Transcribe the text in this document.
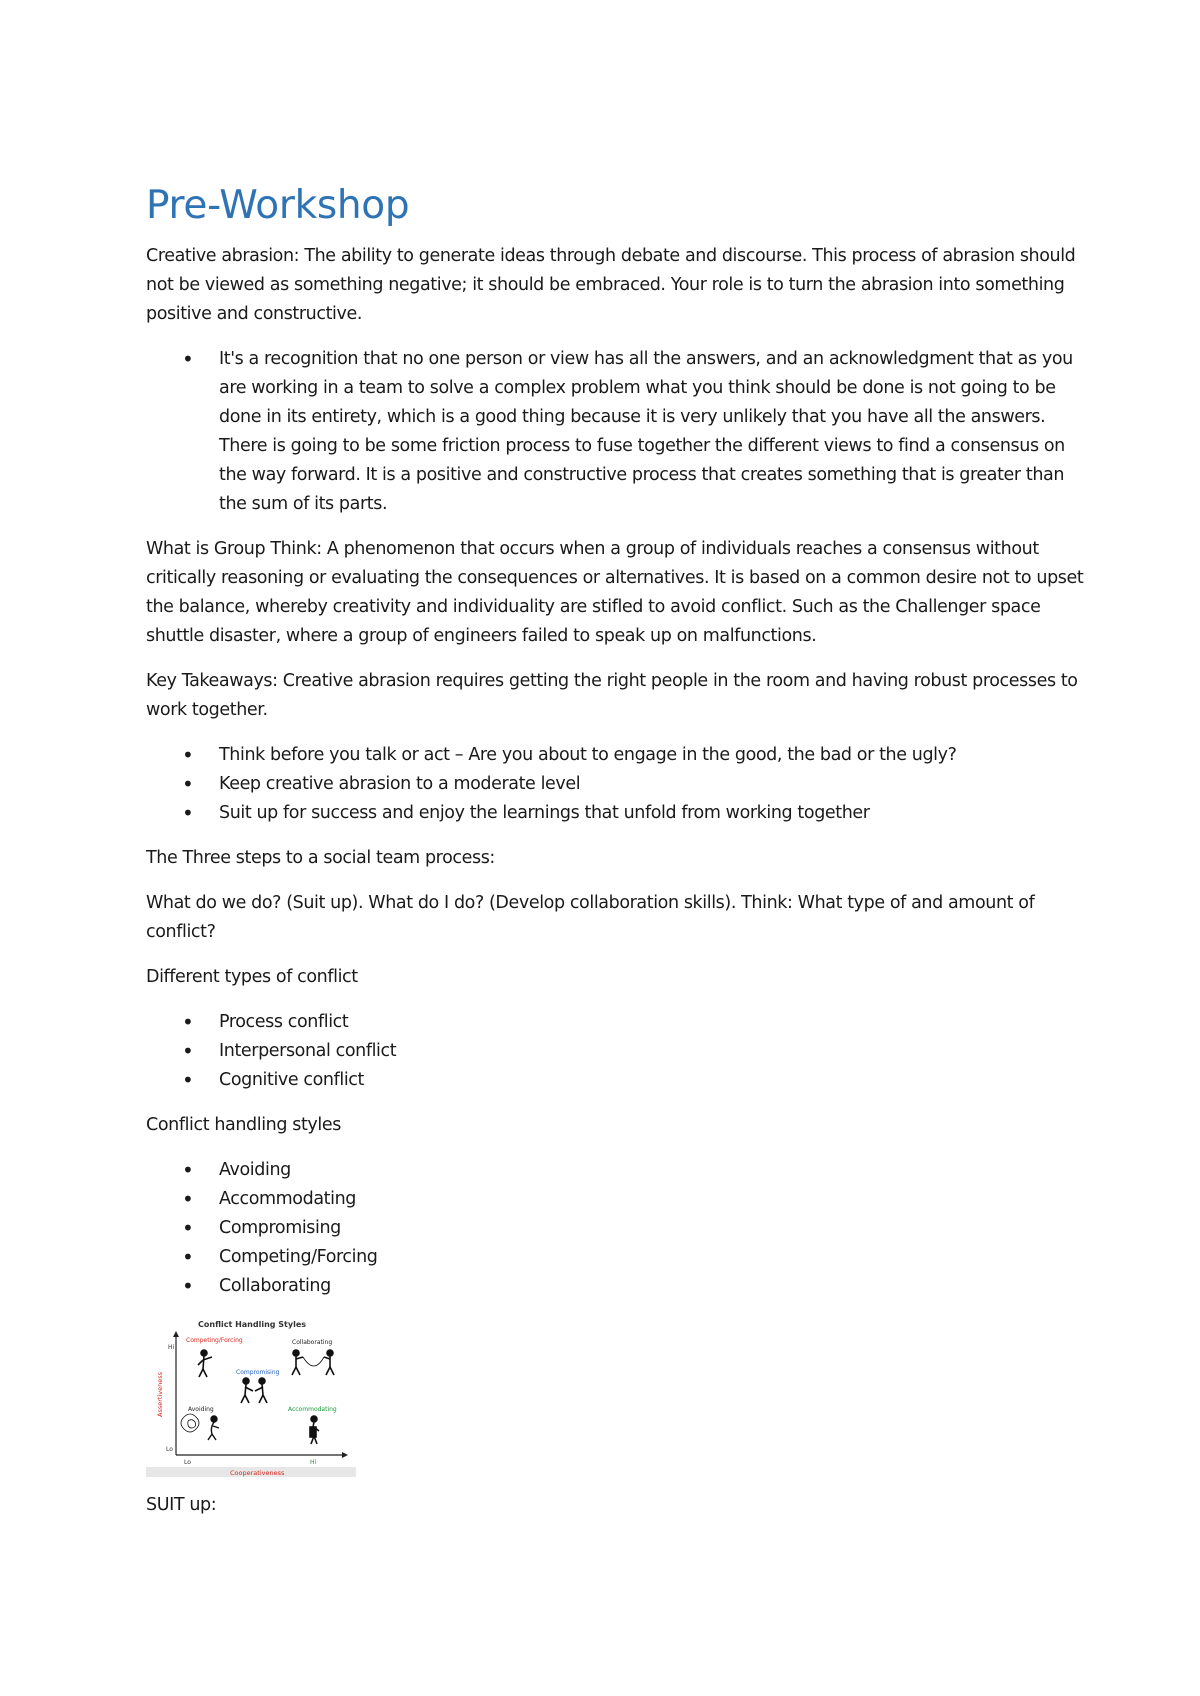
Pre-Workshop

Creative abrasion: The ability to generate ideas through debate and discourse. This process of abrasion should not be viewed as something negative; it should be embraced. Your role is to turn the abrasion into something positive and constructive.

• It's a recognition that no one person or view has all the answers, and an acknowledgment that as you are working in a team to solve a complex problem what you think should be done is not going to be done in its entirety, which is a good thing because it is very unlikely that you have all the answers. There is going to be some friction process to fuse together the different views to find a consensus on the way forward. It is a positive and constructive process that creates something that is greater than the sum of its parts.

What is Group Think: A phenomenon that occurs when a group of individuals reaches a consensus without critically reasoning or evaluating the consequences or alternatives. It is based on a common desire not to upset the balance, whereby creativity and individuality are stifled to avoid conflict. Such as the Challenger space shuttle disaster, where a group of engineers failed to speak up on malfunctions.

Key Takeaways: Creative abrasion requires getting the right people in the room and having robust processes to work together.

• Think before you talk or act – Are you about to engage in the good, the bad or the ugly?
• Keep creative abrasion to a moderate level
• Suit up for success and enjoy the learnings that unfold from working together

The Three steps to a social team process:

What do we do? (Suit up). What do I do? (Develop collaboration skills). Think: What type of and amount of conflict?

Different types of conflict

• Process conflict
• Interpersonal conflict
• Cognitive conflict

Conflict handling styles

• Avoiding
• Accommodating
• Compromising
• Competing/Forcing
• Collaborating
Conflict Handling Styles
Assertiveness
Hi
Lo
Lo	Hi
Cooperativeness
Competing/Forcing	Collaborating
Compromising
Avoiding	Accommodating

SUIT up:
